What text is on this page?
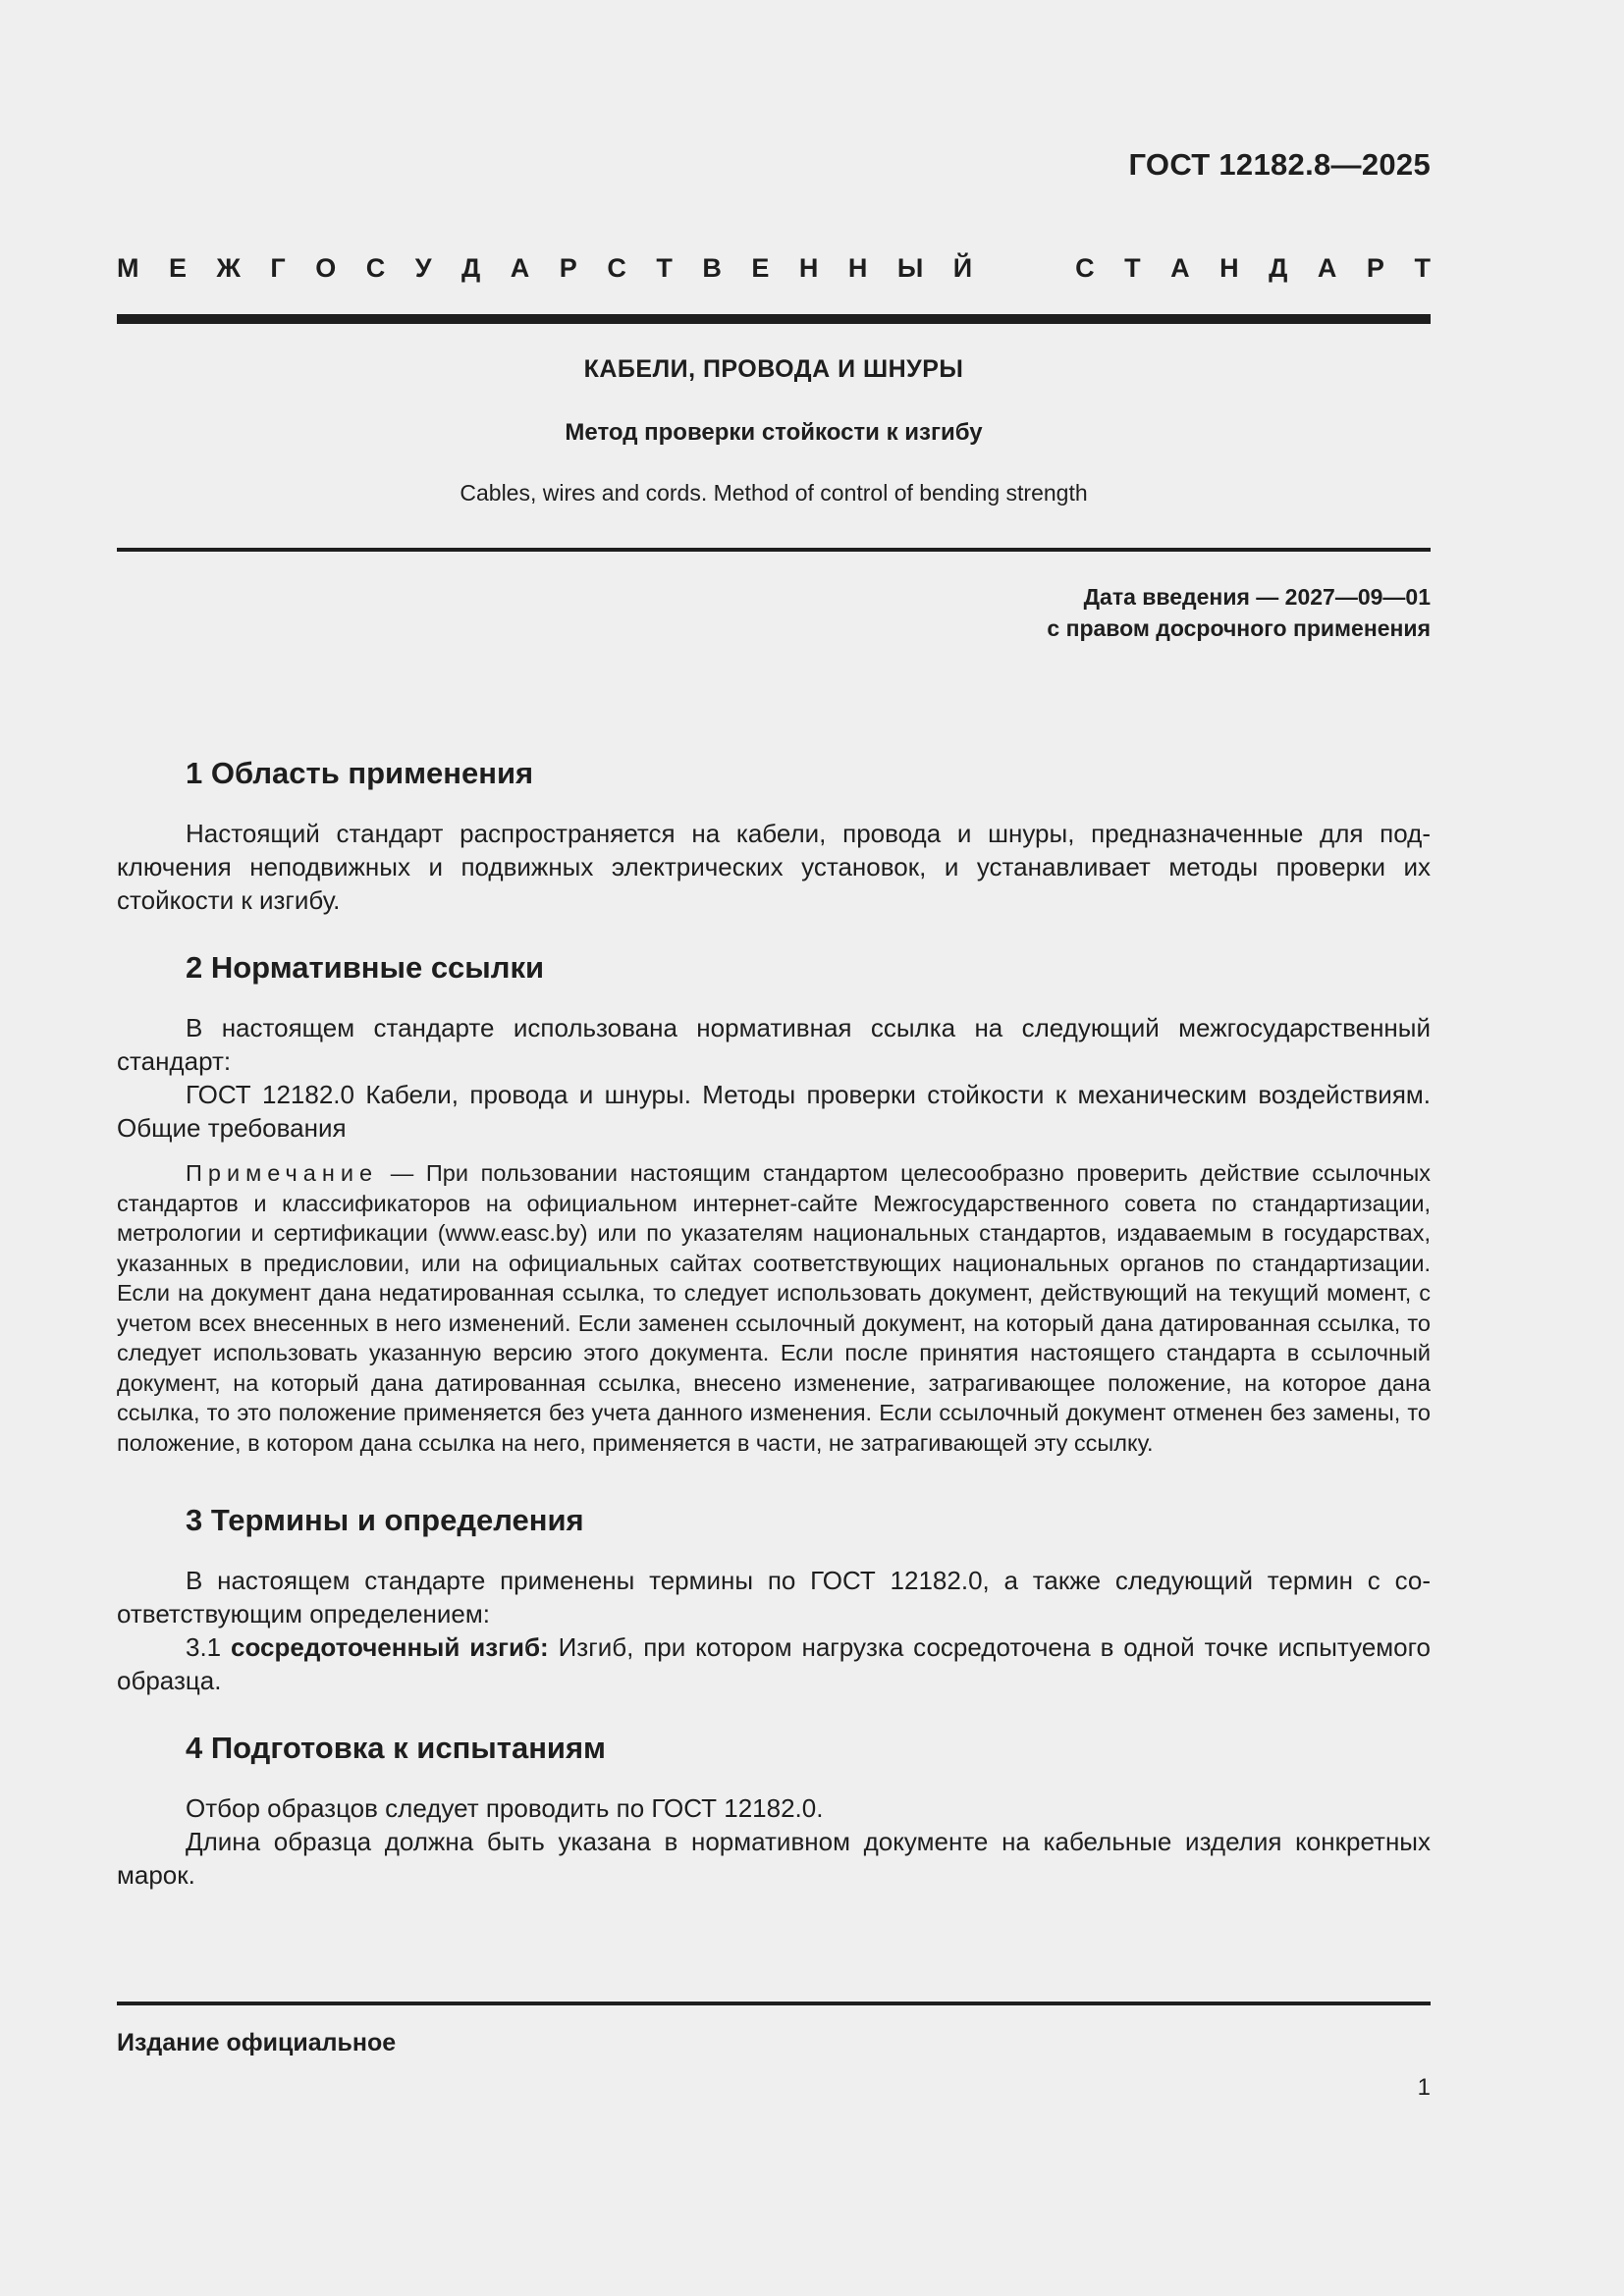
ГОСТ 12182.8—2025
М Е Ж Г О С У Д А Р С Т В Е Н Н Ы Й	С Т А Н Д А Р Т
КАБЕЛИ, ПРОВОДА И ШНУРЫ
Метод проверки стойкости к изгибу
Cables, wires and cords. Method of control of bending strength
Дата введения — 2027—09—01
с правом досрочного применения
1 Область применения

Настоящий стандарт распространяется на кабели, провода и шнуры, предназначенные для подключения неподвижных и подвижных электрических установок, и устанавливает методы проверки их стойкости к изгибу.

2 Нормативные ссылки

В настоящем стандарте использована нормативная ссылка на следующий межгосударственный стандарт:

ГОСТ 12182.0 Кабели, провода и шнуры. Методы проверки стойкости к механическим воздействиям. Общие требования

Примечание — При пользовании настоящим стандартом целесообразно проверить действие ссылочных стандартов и классификаторов на официальном интернет-сайте Межгосударственного совета по стандартизации, метрологии и сертификации (www.easc.by) или по указателям национальных стандартов, издаваемым в государствах, указанных в предисловии, или на официальных сайтах соответствующих национальных органов по стандартизации. Если на документ дана недатированная ссылка, то следует использовать документ, действующий на текущий момент, с учетом всех внесенных в него изменений. Если заменен ссылочный документ, на который дана датированная ссылка, то следует использовать указанную версию этого документа. Если после принятия настоящего стандарта в ссылочный документ, на который дана датированная ссылка, внесено изменение, затрагивающее положение, на которое дана ссылка, то это положение применяется без учета данного изменения. Если ссылочный документ отменен без замены, то положение, в котором дана ссылка на него, применяется в части, не затрагивающей эту ссылку.

3 Термины и определения

В настоящем стандарте применены термины по ГОСТ 12182.0, а также следующий термин с соответствующим определением:

3.1 сосредоточенный изгиб: Изгиб, при котором нагрузка сосредоточена в одной точке испытуемого образца.

4 Подготовка к испытаниям

Отбор образцов следует проводить по ГОСТ 12182.0.

Длина образца должна быть указана в нормативном документе на кабельные изделия конкретных марок.

Издание официальное
1
